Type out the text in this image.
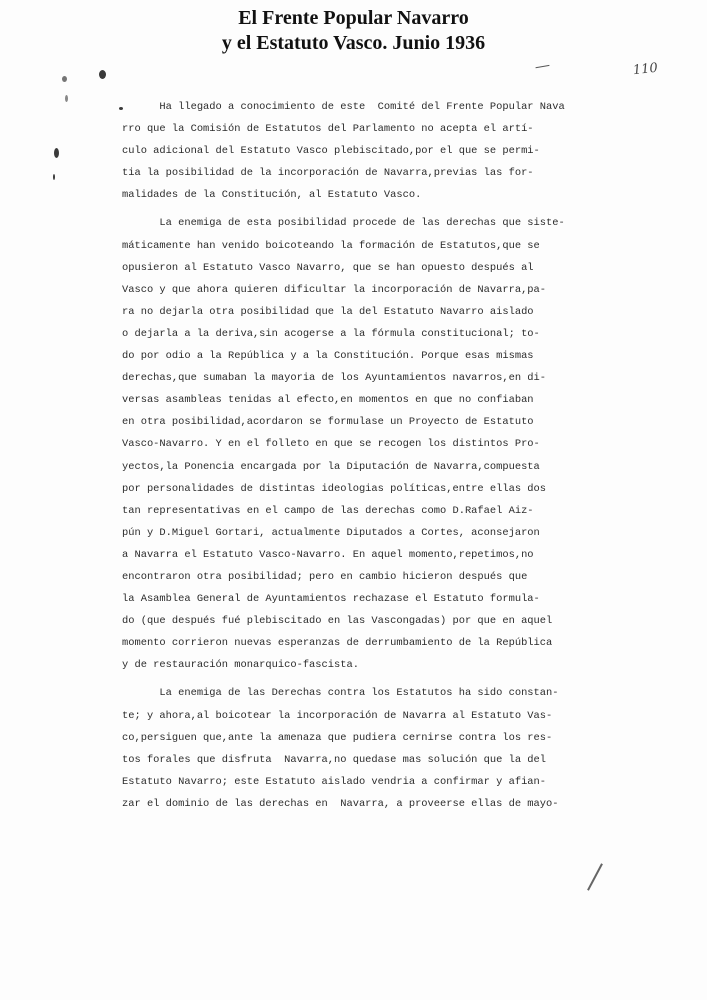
El Frente Popular Navarro
y el Estatuto Vasco. Junio 1936
110
Ha llegado a conocimiento de este  Comité del Frente Popular Nava
rro que la Comisión de Estatutos del Parlamento no acepta el artí-
culo adicional del Estatuto Vasco plebiscitado,por el que se permi-
tia la posibilidad de la incorporación de Navarra,previas las for-
malidades de la Constitución, al Estatuto Vasco.
La enemiga de esta posibilidad procede de las derechas que siste-
máticamente han venido boicoteando la formación de Estatutos,que se
opusieron al Estatuto Vasco Navarro, que se han opuesto después al
Vasco y que ahora quieren dificultar la incorporación de Navarra,pa-
ra no dejarla otra posibilidad que la del Estatuto Navarro aislado
o dejarla a la deriva,sin acogerse a la fórmula constitucional; to-
do por odio a la República y a la Constitución. Porque esas mismas
derechas,que sumaban la mayoria de los Ayuntamientos navarros,en di-
versas asambleas tenidas al efecto,en momentos en que no confiaban
en otra posibilidad,acordaron se formulase un Proyecto de Estatuto
Vasco-Navarro. Y en el folleto en que se recogen los distintos Pro-
yectos,la Ponencia encargada por la Diputación de Navarra,compuesta
por personalidades de distintas ideologias políticas,entre ellas dos
tan representativas en el campo de las derechas como D.Rafael Aiz-
pún y D.Miguel Gortari, actualmente Diputados a Cortes, aconsejaron
a Navarra el Estatuto Vasco-Navarro. En aquel momento,repetimos,no
encontraron otra posibilidad; pero en cambio hicieron después que
la Asamblea General de Ayuntamientos rechazase el Estatuto formula-
do (que después fué plebiscitado en las Vascongadas) por que en aquel
momento corrieron nuevas esperanzas de derrumbamiento de la República
y de restauración monarquico-fascista.
La enemiga de las Derechas contra los Estatutos ha sido constan-
te; y ahora,al boicotear la incorporación de Navarra al Estatuto Vas-
co,persiguen que,ante la amenaza que pudiera cernirse contra los res-
tos forales que disfruta  Navarra,no quedase mas solución que la del
Estatuto Navarro; este Estatuto aislado vendria a confirmar y afian-
zar el dominio de las derechas en  Navarra, a proveerse ellas de mayo-
